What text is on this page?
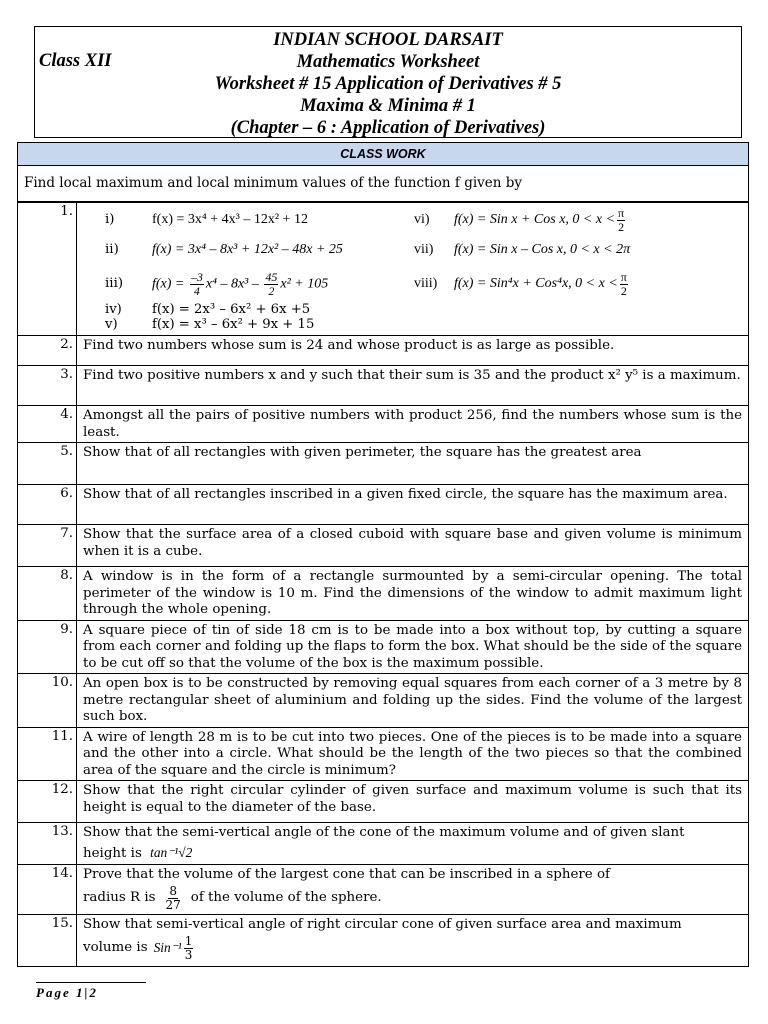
INDIAN SCHOOL DARSAIT
Class XII	Mathematics Worksheet
Worksheet # 15 Application of Derivatives # 5
Maxima & Minima # 1
(Chapter – 6 : Application of Derivatives)
CLASS WORK
Find local maximum and local minimum values of the function f given by
1.	
i)	f(x) = 3x⁴ + 4x³ – 12x² + 12	vi)	f(x) = Sin x + Cos x, $0 < x < \frac{\pi}{2}$
ii)	f(x) = 3x⁴ – 8x³ + 12x² – 48x + 25	vii)	f(x) = Sin x – Cos x, 0 < x < 2π
iii)	$f(x) = \frac{-3}{4} x^4 - 8x^3 - \frac{45}{2} x^2 + 105$	viii)	f(x) = Sin⁴x + Cos⁴x, $0 < x < \frac{\pi}{2}$
iv)	f(x) = 2x³ – 6x² + 6x +5
v)	f(x) = x³ – 6x² + 9x + 15
2.	Find two numbers whose sum is 24 and whose product is as large as possible.
3.	Find two positive numbers x and y such that their sum is 35 and the product x² y⁵ is a maximum.
4.	Amongst all the pairs of positive numbers with product 256, find the numbers whose sum is the least.
5.	Show that of all rectangles with given perimeter, the square has the greatest area
6.	Show that of all rectangles inscribed in a given fixed circle, the square has the maximum area.
7.	Show that the surface area of a closed cuboid with square base and given volume is minimum when it is a cube.
8.	A window is in the form of a rectangle surmounted by a semi-circular opening. The total perimeter of the window is 10 m. Find the dimensions of the window to admit maximum light through the whole opening.
9.	A square piece of tin of side 18 cm is to be made into a box without top, by cutting a square from each corner and folding up the flaps to form the box. What should be the side of the square to be cut off so that the volume of the box is the maximum possible.
10.	An open box is to be constructed by removing equal squares from each corner of a 3 metre by 8 metre rectangular sheet of aluminium and folding up the sides. Find the volume of the largest such box.
11.	A wire of length 28 m is to be cut into two pieces. One of the pieces is to be made into a square and the other into a circle. What should be the length of the two pieces so that the combined area of the square and the circle is minimum?
12.	Show that the right circular cylinder of given surface and maximum volume is such that its height is equal to the diameter of the base.
13.	Show that the semi-vertical angle of the cone of the maximum volume and of given slant
height is tan⁻¹√2

14.	Prove that the volume of the largest cone that can be inscribed in a sphere of
radius R is $\frac{8}{27}$ of the volume of the sphere.

15.	Show that semi-vertical angle of right circular cone of given surface area and maximum
volume is $Sin^{-1} \frac{1}{3}$
Page 1|2
